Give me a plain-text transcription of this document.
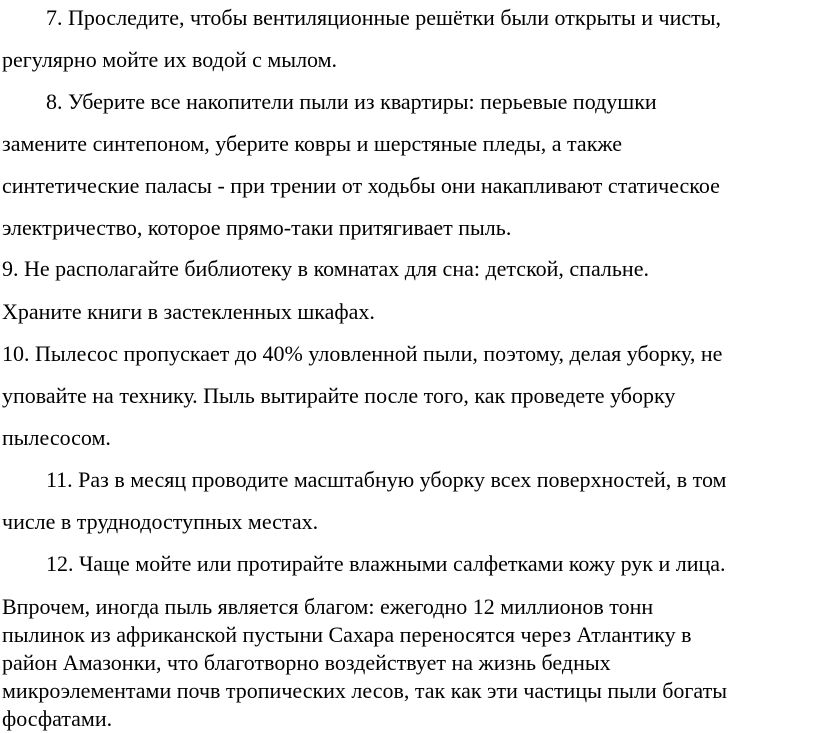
7. Проследите, чтобы вентиляционные решётки были открыты и чисты,
регулярно мойте их водой с мылом.
8. Уберите все накопители пыли из квартиры: перьевые подушки
замените синтепоном, уберите ковры и шерстяные пледы, а также
синтетические паласы - при трении от ходьбы они накапливают статическое
электричество, которое прямо-таки притягивает пыль.
9. Не располагайте библиотеку в комнатах для сна: детской, спальне.
Храните книги в застекленных шкафах.
10. Пылесос пропускает до 40% уловленной пыли, поэтому, делая уборку, не
уповайте на технику. Пыль вытирайте после того, как проведете уборку
пылесосом.
11. Раз в месяц проводите масштабную уборку всех поверхностей, в том
числе в труднодоступных местах.
12. Чаще мойте или протирайте влажными салфетками кожу рук и лица.
Впрочем, иногда пыль является благом: ежегодно 12 миллионов тонн
пылинок из африканской пустыни Сахара переносятся через Атлантику в
район Амазонки, что благотворно воздействует на жизнь бедных
микроэлементами почв тропических лесов, так как эти частицы пыли богаты
фосфатами.
